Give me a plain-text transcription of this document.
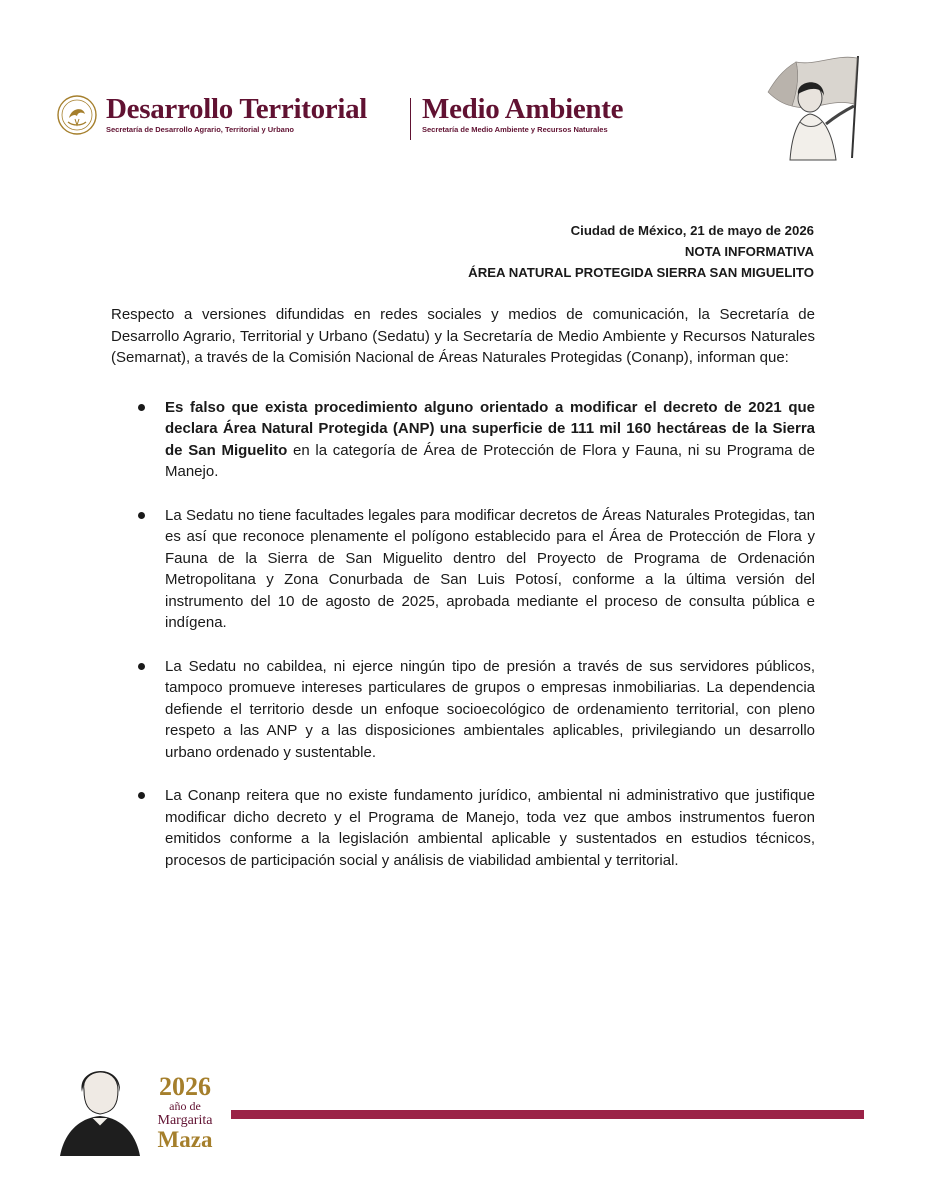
Desarrollo Territorial
Secretaría de Desarrollo Agrario, Territorial y Urbano
Medio Ambiente
Secretaría de Medio Ambiente y Recursos Naturales
Ciudad de México, 21 de mayo de 2026
NOTA INFORMATIVA
ÁREA NATURAL PROTEGIDA SIERRA SAN MIGUELITO

Respecto a versiones difundidas en redes sociales y medios de comunicación, la Secretaría de Desarrollo Agrario, Territorial y Urbano (Sedatu) y la Secretaría de Medio Ambiente y Recursos Naturales (Semarnat), a través de la Comisión Nacional de Áreas Naturales Protegidas (Conanp), informan que:

Es falso que exista procedimiento alguno orientado a modificar el decreto de 2021 que declara Área Natural Protegida (ANP) una superficie de 111 mil 160 hectáreas de la Sierra de San Miguelito en la categoría de Área de Protección de Flora y Fauna, ni su Programa de Manejo.
La Sedatu no tiene facultades legales para modificar decretos de Áreas Naturales Protegidas, tan es así que reconoce plenamente el polígono establecido para el Área de Protección de Flora y Fauna de la Sierra de San Miguelito dentro del Proyecto de Programa de Ordenación Metropolitana y Zona Conurbada de San Luis Potosí, conforme a la última versión del instrumento del 10 de agosto de 2025, aprobada mediante el proceso de consulta pública e indígena.
La Sedatu no cabildea, ni ejerce ningún tipo de presión a través de sus servidores públicos, tampoco promueve intereses particulares de grupos o empresas inmobiliarias. La dependencia defiende el territorio desde un enfoque socioecológico de ordenamiento territorial, con pleno respeto a las ANP y a las disposiciones ambientales aplicables, privilegiando un desarrollo urbano ordenado y sustentable.
La Conanp reitera que no existe fundamento jurídico, ambiental ni administrativo que justifique modificar dicho decreto y el Programa de Manejo, toda vez que ambos instrumentos fueron emitidos conforme a la legislación ambiental aplicable y sustentados en estudios técnicos, procesos de participación social y análisis de viabilidad ambiental y territorial.
2026
año de
Margarita
Maza
